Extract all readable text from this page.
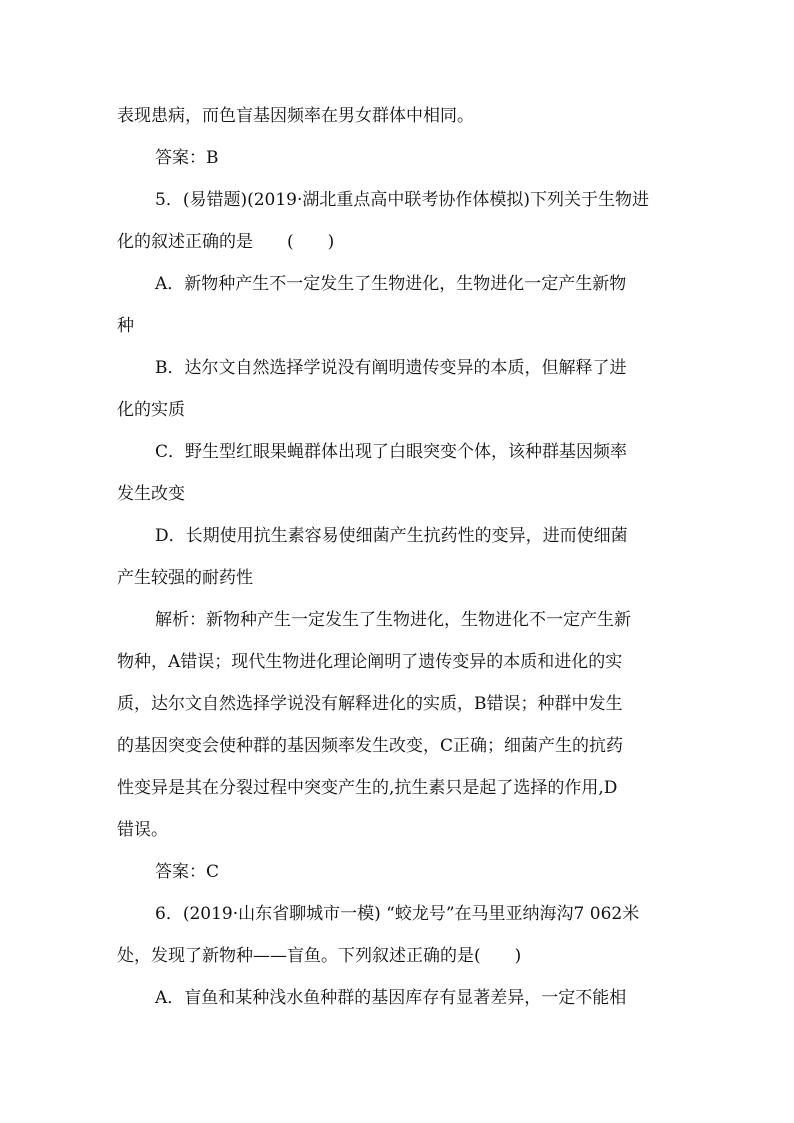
表现患病，而色盲基因频率在男女群体中相同。
答案：B
5．(易错题)(2019·湖北重点高中联考协作体模拟)下列关于生物进
化的叙述正确的是　　(　　)
A．新物种产生不一定发生了生物进化，生物进化一定产生新物
种
B．达尔文自然选择学说没有阐明遗传变异的本质，但解释了进
化的实质
C．野生型红眼果蝇群体出现了白眼突变个体，该种群基因频率
发生改变
D．长期使用抗生素容易使细菌产生抗药性的变异，进而使细菌
产生较强的耐药性
解析：新物种产生一定发生了生物进化，生物进化不一定产生新
物种，A错误；现代生物进化理论阐明了遗传变异的本质和进化的实
质，达尔文自然选择学说没有解释进化的实质，B错误；种群中发生
的基因突变会使种群的基因频率发生改变，C正确；细菌产生的抗药
性变异是其在分裂过程中突变产生的,抗生素只是起了选择的作用,D
错误。
答案：C
6．(2019·山东省聊城市一模) “蛟龙号”在马里亚纳海沟7 062米
处，发现了新物种——盲鱼。下列叙述正确的是(　　)
A．盲鱼和某种浅水鱼种群的基因库存有显著差异，一定不能相
